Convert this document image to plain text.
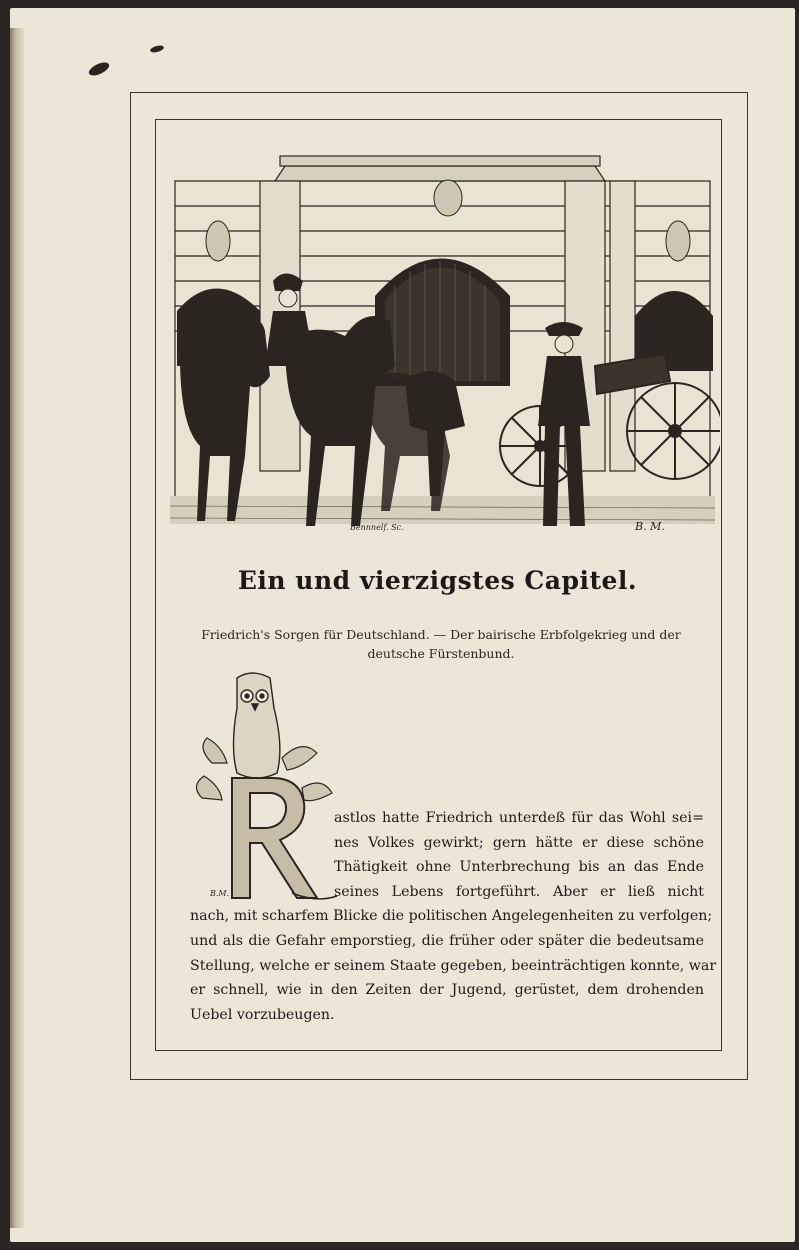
Bennnelf. Sc.	B. M.
Ein und vierzigstes Capitel.
Friedrich's Sorgen für Deutschland. — Der bairische Erbfolgekrieg und der deutsche Fürstenbund.
B.M.
astlos hatte Friedrich unterdeß für das Wohl sei=
nes Volkes gewirkt; gern hätte er diese schöne
Thätigkeit ohne Unterbrechung bis an das Ende
seines Lebens fortgeführt. Aber er ließ nicht
nach, mit scharfem Blicke die politischen Angelegenheiten zu verfolgen;
und als die Gefahr emporstieg, die früher oder später die bedeutsame
Stellung, welche er seinem Staate gegeben, beeinträchtigen konnte, war
er schnell, wie in den Zeiten der Jugend, gerüstet, dem drohenden
Uebel vorzubeugen.
